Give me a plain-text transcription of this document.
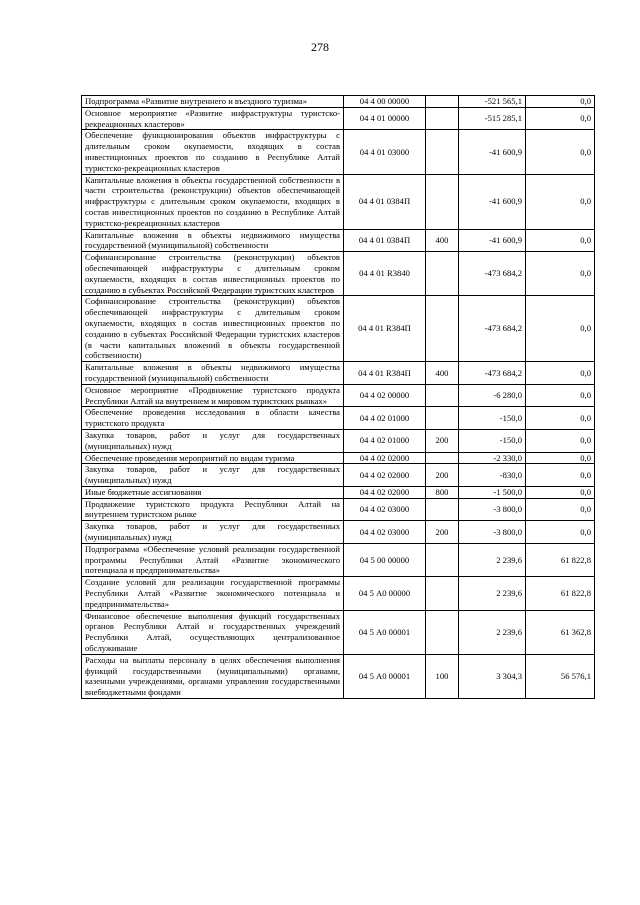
278
Подпрограмма «Развитие внутреннего и въездного туризма»	04 4 00 00000		-521 565,1	0,0
Основное мероприятие «Развитие инфраструктуры туристско-рекреационных кластеров»	04 4 01 00000		-515 285,1	0,0
Обеспечение функционирования объектов инфраструктуры с длительным сроком окупаемости, входящих в состав инвестиционных проектов по созданию в Республике Алтай туристско-рекреационных кластеров	04 4 01 03000		-41 600,9	0,0
Капитальные вложения в объекты государственной собственности в части строительства (реконструкции) объектов обеспечивающей инфраструктуры с длительным сроком окупаемости, входящих в состав инвестиционных проектов по созданию в Республике Алтай туристско-рекреационных кластеров	04 4 01 0384П		-41 600,9	0,0
Капитальные вложения в объекты недвижимого имущества государственной (муниципальной) собственности	04 4 01 0384П	400	-41 600,9	0,0
Софинансирование строительства (реконструкции) объектов обеспечивающей инфраструктуры с длительным сроком окупаемости, входящих в состав инвестиционных проектов по созданию в субъектах Российской Федерации туристских кластеров	04 4 01 R3840		-473 684,2	0,0
Софинансирование строительства (реконструкции) объектов обеспечивающей инфраструктуры с длительным сроком окупаемости, входящих в состав инвестиционных проектов по созданию в субъектах Российской Федерации туристских кластеров (в части капитальных вложений в объекты государственной собственности)	04 4 01 R384П		-473 684,2	0,0
Капитальные вложения в объекты недвижимого имущества государственной (муниципальной) собственности	04 4 01 R384П	400	-473 684,2	0,0
Основное мероприятие «Продвижение туристского продукта Республики Алтай на внутреннем и мировом туристских рынках»	04 4 02 00000		-6 280,0	0,0
Обеспечение проведения исследования в области качества туристского продукта	04 4 02 01000		-150,0	0,0
Закупка товаров, работ и услуг для государственных (муниципальных) нужд	04 4 02 01000	200	-150,0	0,0
Обеспечение проведения мероприятий по видам туризма	04 4 02 02000		-2 330,0	0,0
Закупка товаров, работ и услуг для государственных (муниципальных) нужд	04 4 02 02000	200	-830,0	0,0
Иные бюджетные ассигнования	04 4 02 02000	800	-1 500,0	0,0
Продвижение туристского продукта Республики Алтай на внутреннем туристском рынке	04 4 02 03000		-3 800,0	0,0
Закупка товаров, работ и услуг для государственных (муниципальных) нужд	04 4 02 03000	200	-3 800,0	0,0
Подпрограмма «Обеспечение условий реализации государственной программы Республики Алтай «Развитие экономического потенциала и предпринимательства»	04 5 00 00000		2 239,6	61 822,8
Создание условий для реализации государственной программы Республики Алтай «Развитие экономического потенциала и предпринимательства»	04 5 А0 00000		2 239,6	61 822,8
Финансовое обеспечение выполнения функций государственных органов Республики Алтай и государственных учреждений Республики Алтай, осуществляющих централизованное обслуживание	04 5 А0 00001		2 239,6	61 362,8
Расходы на выплаты персоналу в целях обеспечения выполнения функций государственными (муниципальными) органами, казенными учреждениями, органами управления государственными внебюджетными фондами	04 5 А0 00001	100	3 304,3	56 576,1
